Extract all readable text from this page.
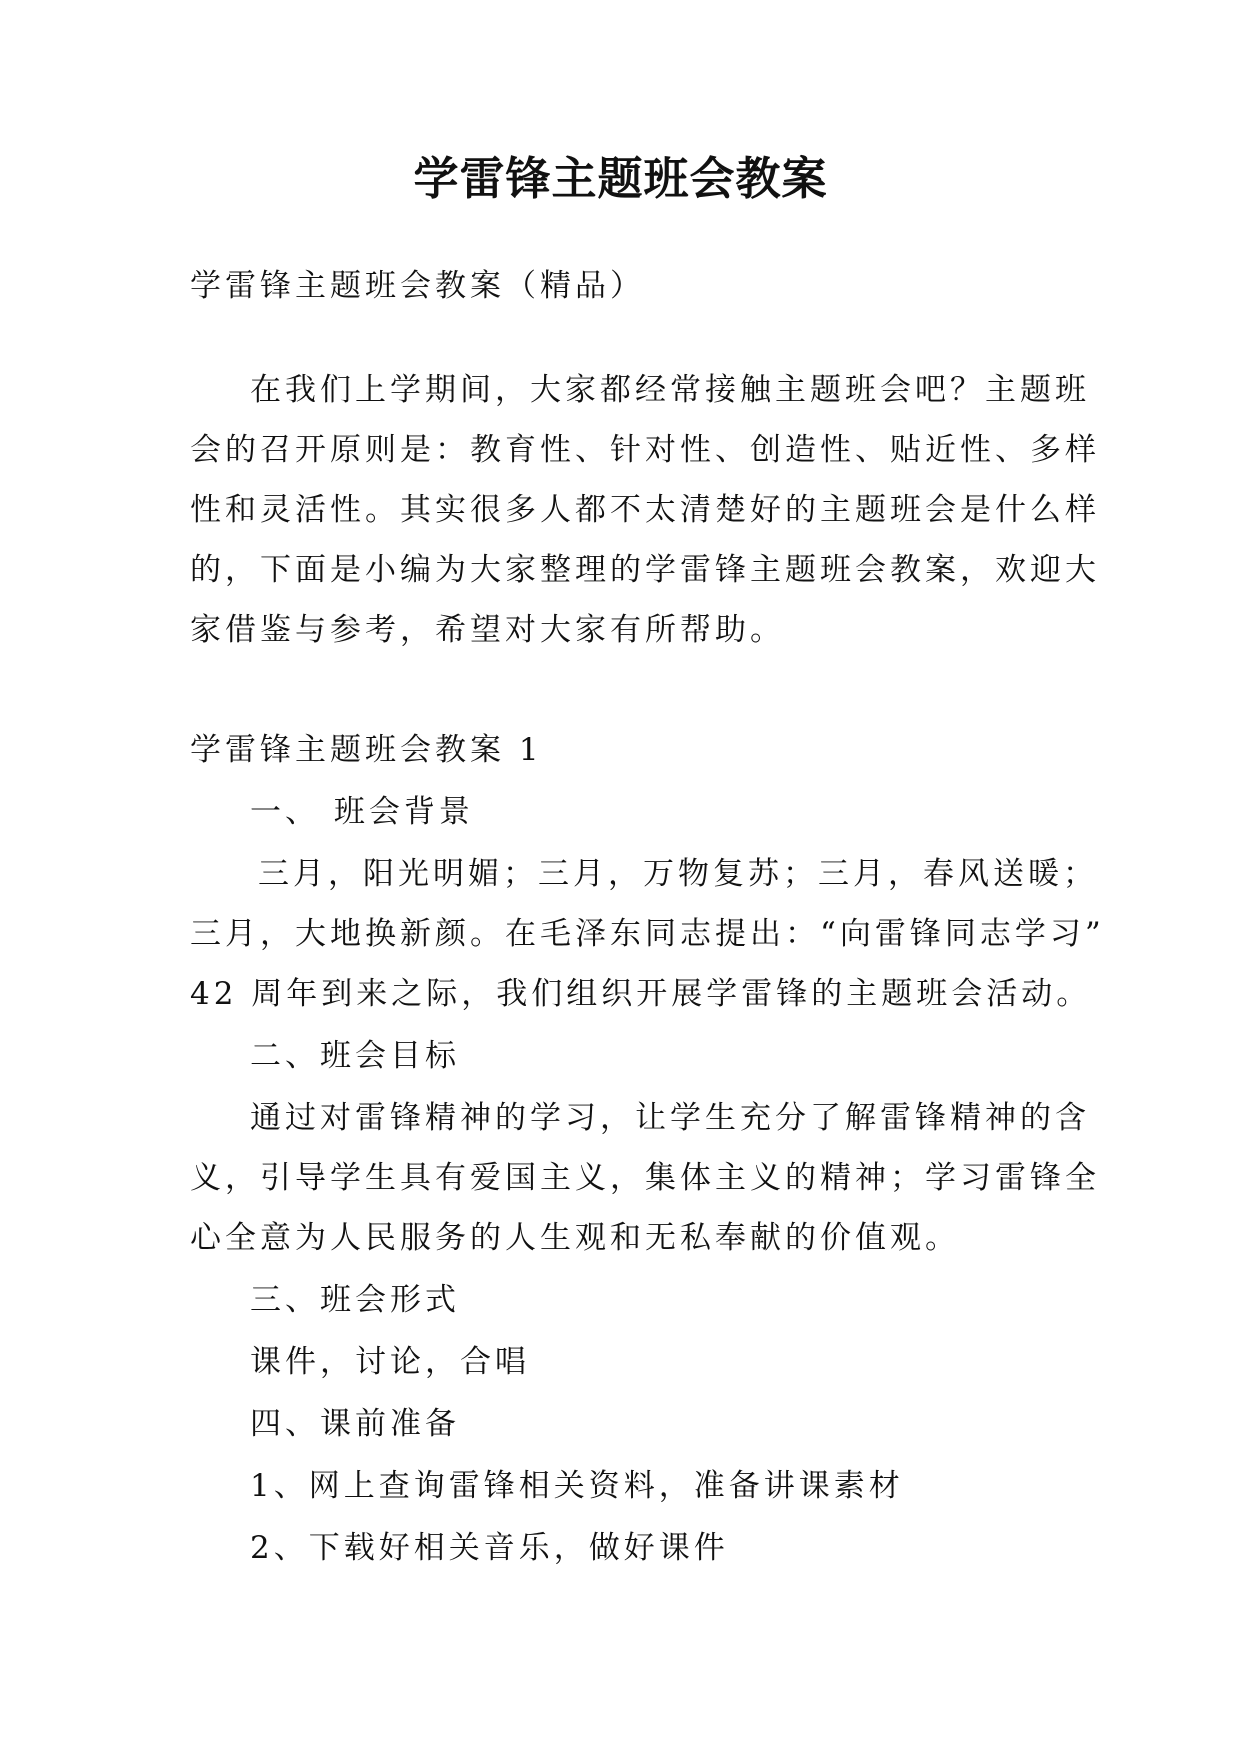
学雷锋主题班会教案
学雷锋主题班会教案（精品）
在我们上学期间，大家都经常接触主题班会吧？主题班
会的召开原则是：教育性、针对性、创造性、贴近性、多样
性和灵活性。其实很多人都不太清楚好的主题班会是什么样
的，下面是小编为大家整理的学雷锋主题班会教案，欢迎大
家借鉴与参考，希望对大家有所帮助。
学雷锋主题班会教案 1
一、 班会背景
三月，阳光明媚；三月，万物复苏；三月，春风送暖；
三月，大地换新颜。在毛泽东同志提出：“向雷锋同志学习”
42 周年到来之际，我们组织开展学雷锋的主题班会活动。
二、班会目标
通过对雷锋精神的学习，让学生充分了解雷锋精神的含
义，引导学生具有爱国主义，集体主义的精神；学习雷锋全
心全意为人民服务的人生观和无私奉献的价值观。
三、班会形式
课件，讨论，合唱
四、课前准备
1、网上查询雷锋相关资料，准备讲课素材
2、下载好相关音乐，做好课件
